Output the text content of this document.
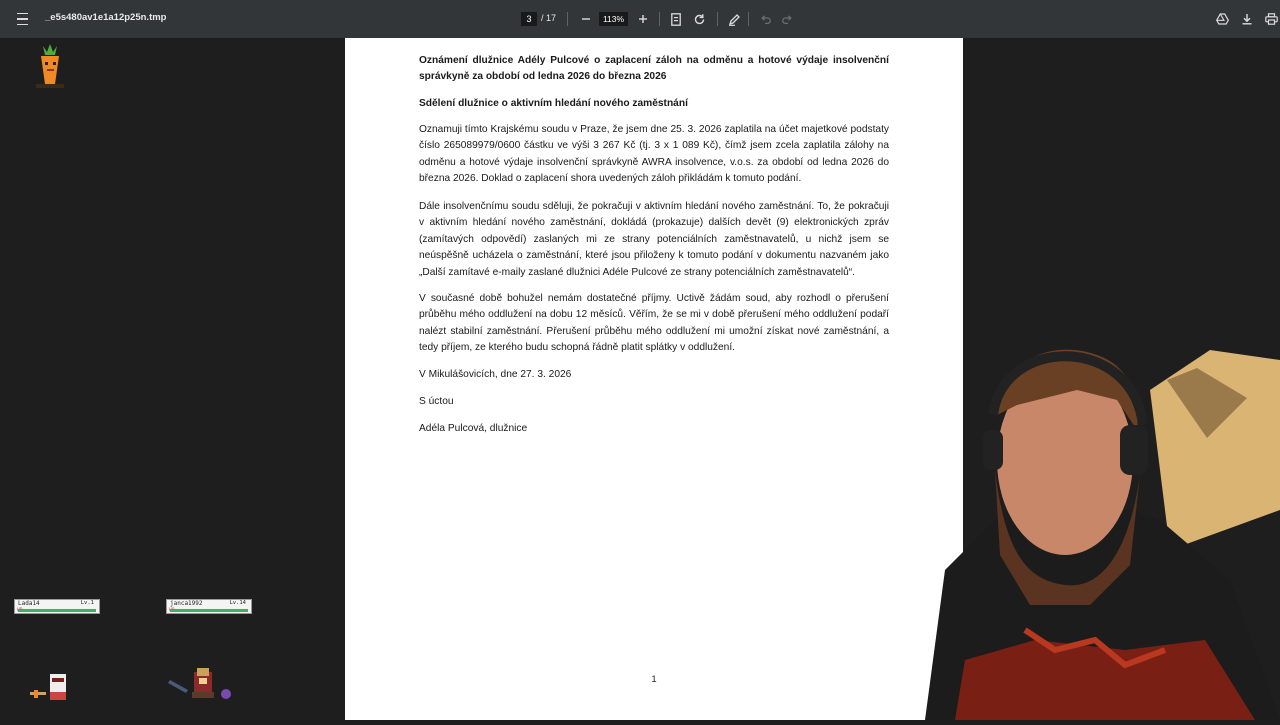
_e5s480av1e1a12p25n.tmp	3	/ 17	113%
Lada14	Lv.1	janca1992	Lv.14
Oznámení dlužnice Adély Pulcové o zaplacení záloh na odměnu a hotové výdaje insolvenční správkyně za období od ledna 2026 do března 2026
Sdělení dlužnice o aktivním hledání nového zaměstnání
Oznamuji tímto Krajskému soudu v Praze, že jsem dne 25. 3. 2026 zaplatila na účet majetkové podstaty číslo 265089979/0600 částku ve výši 3 267 Kč (tj. 3 x 1 089 Kč), čímž jsem zcela zaplatila zálohy na odměnu a hotové výdaje insolvenční správkyně AWRA insolvence, v.o.s. za období od ledna 2026 do března 2026. Doklad o zaplacení shora uvedených záloh přikládám k tomuto podání.
Dále insolvenčnímu soudu sděluji, že pokračuji v aktivním hledání nového zaměstnání. To, že pokračuji v aktivním hledání nového zaměstnání, dokládá (prokazuje) dalších devět (9) elektronických zpráv (zamítavých odpovědí) zaslaných mi ze strany potenciálních zaměstnavatelů, u nichž jsem se neúspěšně ucházela o zaměstnání, které jsou přiloženy k tomuto podání v dokumentu nazvaném jako „Další zamítavé e-maily zaslané dlužnici Adéle Pulcové ze strany potenciálních zaměstnavatelů“.
V současné době bohužel nemám dostatečné příjmy. Uctivě žádám soud, aby rozhodl o přerušení průběhu mého oddlužení na dobu 12 měsíců. Věřím, že se mi v době přerušení mého oddlužení podaří nalézt stabilní zaměstnání. Přerušení průběhu mého oddlužení mi umožní získat nové zaměstnání, a tedy příjem, ze kterého budu schopná řádně platit splátky v oddlužení.
V Mikulášovicích, dne 27. 3. 2026
S úctou
Adéla Pulcová, dlužnice
1
